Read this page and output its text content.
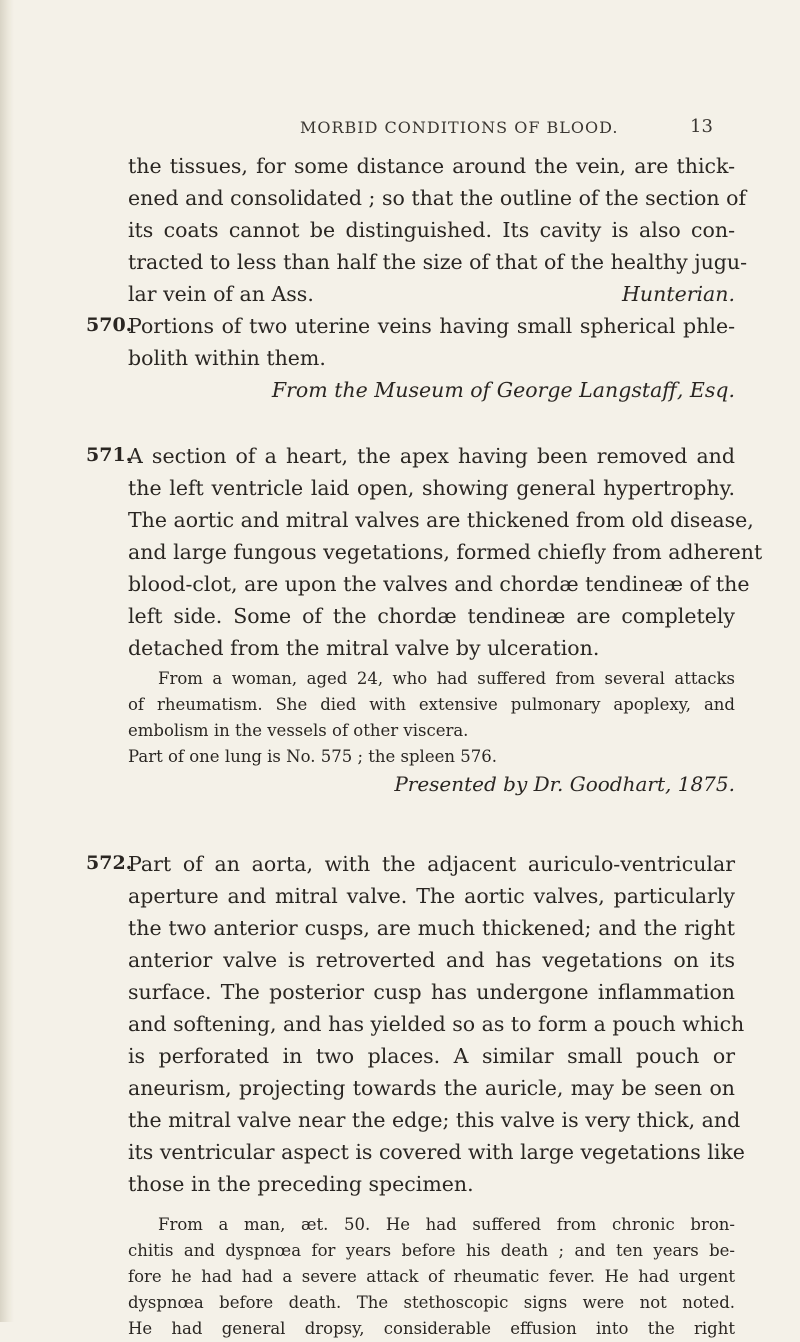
MORBID CONDITIONS OF BLOOD.	13
the tissues, for some distance around the vein, are thick-
ened and consolidated ; so that the outline of the section of
its coats cannot be distinguished. Its cavity is also con-
tracted to less than half the size of that of the healthy jugu-
lar vein of an Ass.	Hunterian.
570.
Portions of two uterine veins having small spherical phle-
bolith within them.
From the Museum of George Langstaff, Esq.
571.
A section of a heart, the apex having been removed and
the left ventricle laid open, showing general hypertrophy.
The aortic and mitral valves are thickened from old disease,
and large fungous vegetations, formed chiefly from adherent
blood-clot, are upon the valves and chordæ tendineæ of the
left side. Some of the chordæ tendineæ are completely
detached from the mitral valve by ulceration.
From a woman, aged 24, who had suffered from several attacks
of rheumatism. She died with extensive pulmonary apoplexy, and
embolism in the vessels of other viscera.
Part of one lung is No. 575 ; the spleen 576.
Presented by Dr. Goodhart, 1875.
572.
Part of an aorta, with the adjacent auriculo-ventricular
aperture and mitral valve. The aortic valves, particularly
the two anterior cusps, are much thickened; and the right
anterior valve is retroverted and has vegetations on its
surface. The posterior cusp has undergone inflammation
and softening, and has yielded so as to form a pouch which
is perforated in two places. A similar small pouch or
aneurism, projecting towards the auricle, may be seen on
the mitral valve near the edge; this valve is very thick, and
its ventricular aspect is covered with large vegetations like
those in the preceding specimen.
From a man, æt. 50. He had suffered from chronic bron-
chitis and dyspnœa for years before his death ; and ten years be-
fore he had had a severe attack of rheumatic fever. He had urgent
dyspnœa before death. The stethoscopic signs were not noted.
He had general dropsy, considerable effusion into the right
